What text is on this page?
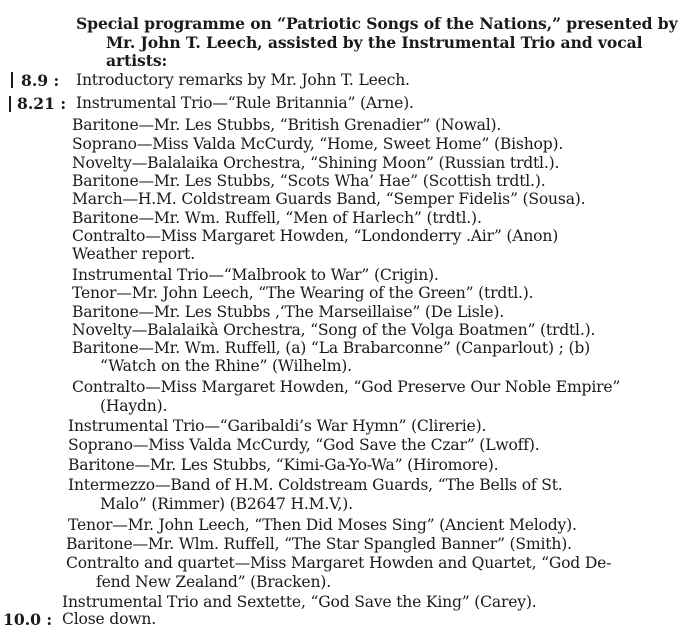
Special programme on “Patriotic Songs of the Nations,” presented by
Mr. John T. Leech, assisted by the Instrumental Trio and vocal
artists:
8.9 : Introductory remarks by Mr. John T. Leech.
8.21 : Instrumental Trio—“Rule Britannia” (Arne).
Baritone—Mr. Les Stubbs, “British Grenadier” (Nowal).
Soprano—Miss Valda McCurdy, “Home, Sweet Home” (Bishop).
Novelty—Balalaika Orchestra, “Shining Moon” (Russian trdtl.).
Baritone—Mr. Les Stubbs, “Scots Wha’ Hae” (Scottish trdtl.).
March—H.M. Coldstream Guards Band, “Semper Fidelis” (Sousa).
Baritone—Mr. Wm. Ruffell, “Men of Harlech” (trdtl.).
Contralto—Miss Margaret Howden, “Londonderry .Air” (Anon)
Weather report.
Instrumental Trio—“Malbrook to War” (Crigin).
Tenor—Mr. John Leech, “The Wearing of the Green” (trdtl.).
Baritone—Mr. Les Stubbs ,‘The Marseillaise” (De Lisle).
Novelty—Balalaikà Orchestra, “Song of the Volga Boatmen” (trdtl.).
Baritone—Mr. Wm. Ruffell, (a) “La Brabarconne” (Canparlout) ; (b)
“Watch on the Rhine” (Wilhelm).
Contralto—Miss Margaret Howden, “God Preserve Our Noble Empire”
(Haydn).
Instrumental Trio—“Garibaldi’s War Hymn” (Clirerie).
Soprano—Miss Valda McCurdy, “God Save the Czar” (Lwoff).
Baritone—Mr. Les Stubbs, “Kimi-Ga-Yo-Wa” (Hiromore).
Intermezzo—Band of H.M. Coldstream Guards, “The Bells of St.
Malo” (Rimmer) (B2647 H.M.V,).
Tenor—Mr. John Leech, “Then Did Moses Sing” (Ancient Melody).
Baritone—Mr. Wlm. Ruffell, “The Star Spangled Banner” (Smith).
Contralto and quartet—Miss Margaret Howden and Quartet, “God De-
fend New Zealand” (Bracken).
Instrumental Trio and Sextette, “God Save the King” (Carey).
10.0 : Close down.
